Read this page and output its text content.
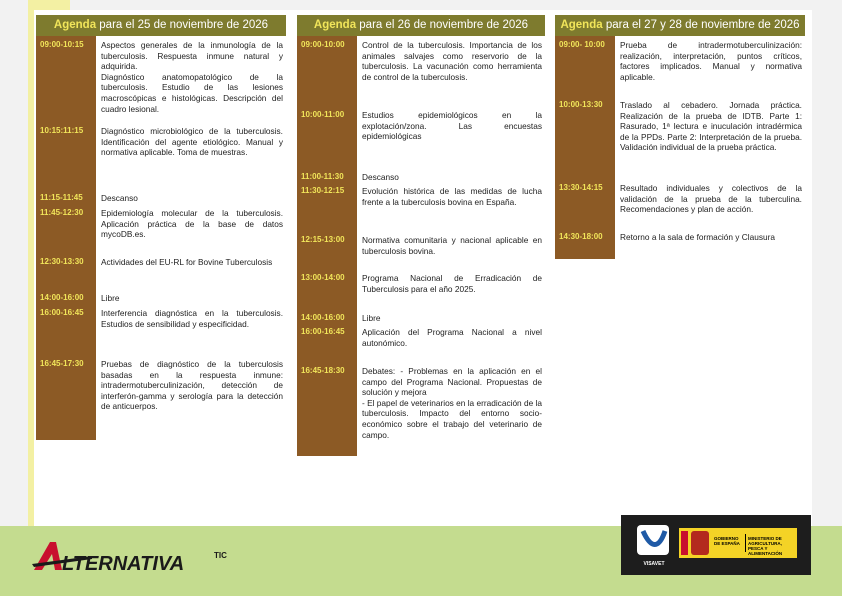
Agenda para el 25 de noviembre de 2026
09:00-10:15	Aspectos generales de la inmunología de la tuberculosis. Respuesta inmune natural y adquirida.
Diagnóstico anatomopatológico de la tuberculosis. Estudio de las lesiones macroscópicas e histológicas. Descripción del cuadro lesional.
10:15:11:15	Diagnóstico microbiológico de la tuberculosis. Identificación del agente etiológico. Manual y normativa aplicable. Toma de muestras.
11:15-11:45	Descanso
11:45-12:30	Epidemiología molecular de la tuberculosis. Aplicación práctica de la base de datos mycoDB.es.
12:30-13:30	Actividades del EU-RL for Bovine Tuberculosis
14:00-16:00	Libre
16:00-16:45	Interferencia diagnóstica en la tuberculosis. Estudios de sensibilidad y especificidad.
16:45-17:30	Pruebas de diagnóstico de la tuberculosis basadas en la respuesta inmune: intradermotuberculinización, detección de interferón-gamma y serología para la detección de anticuerpos.
Agenda para el 26 de noviembre de 2026
09:00-10:00	Control de la tuberculosis. Importancia de los animales salvajes como reservorio de la tuberculosis. La vacunación como herramienta de control de la tuberculosis.
10:00-11:00	Estudios epidemiológicos en la explotación/zona. Las encuestas epidemiológicas
11:00-11:30	Descanso
11:30-12:15	Evolución histórica de las medidas de lucha frente a la tuberculosis bovina en España.
12:15-13:00	Normativa comunitaria y nacional aplicable en tuberculosis bovina.
13:00-14:00	Programa Nacional de Erradicación de Tuberculosis para el año 2025.
14:00-16:00	Libre
16:00-16:45	Aplicación del Programa Nacional a nivel autonómico.
16:45-18:30	Debates: - Problemas en la aplicación en el campo del Programa Nacional. Propuestas de solución y mejora
- El papel de veterinarios en la erradicación de la tuberculosis. Impacto del entorno socio-económico sobre el trabajo del veterinario de campo.
Agenda para el 27 y 28 de noviembre de 2026
09:00- 10:00	Prueba de intradermotuberculinización: realización, interpretación, puntos críticos, factores implicados. Manual y normativa aplicable.
10:00-13:30	Traslado al cebadero. Jornada práctica. Realización de la prueba de IDTB. Parte 1: Rasurado, 1ª lectura e inuculación intradérmica de la PPDs. Parte 2: Interpretación de la prueba. Validación individual de la prueba práctica.
13:30-14:15	Resultado individuales y colectivos de la validación de la prueba de la tuberculina. Recomendaciones y plan de acción.
14:30-18:00	Retorno a la sala de formación y Clausura
LTERNATIVA	TIC
VISAVET
GOBIERNO DE ESPAÑA
MINISTERIO DE AGRICULTURA, PESCA Y ALIMENTACIÓN
